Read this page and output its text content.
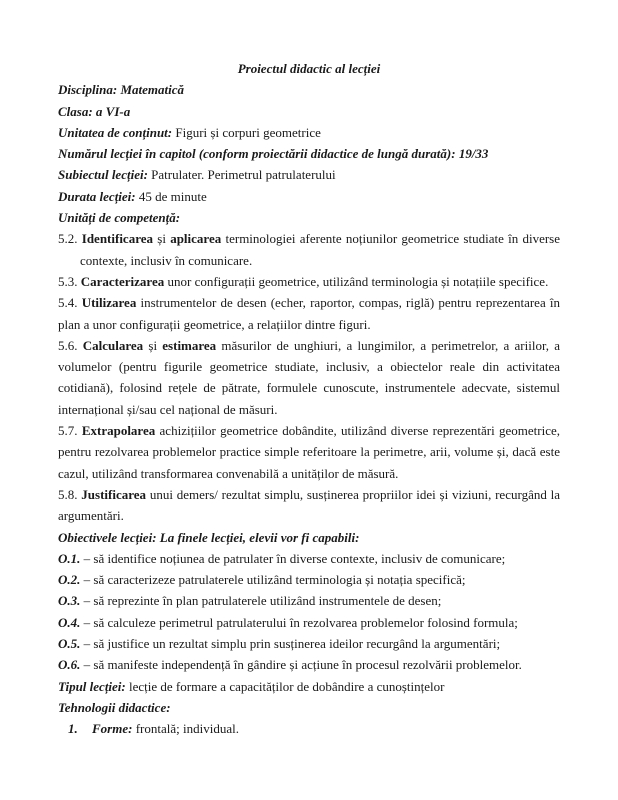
Proiectul didactic al lecției

Disciplina: Matematică

Clasa: a VI-a

Unitatea de conținut: Figuri și corpuri geometrice

Numărul lecției în capitol (conform proiectării didactice de lungă durată): 19/33

Subiectul lecției: Patrulater. Perimetrul patrulaterului

Durata lecției: 45 de minute

Unități de competență:

5.2. Identificarea și aplicarea terminologiei aferente noțiunilor geometrice studiate în diverse contexte, inclusiv în comunicare.

5.3. Caracterizarea unor configurații geometrice, utilizând terminologia și notațiile specifice.

5.4. Utilizarea instrumentelor de desen (echer, raportor, compas, riglă) pentru reprezentarea în plan a unor configurații geometrice, a relațiilor dintre figuri.

5.6. Calcularea și estimarea măsurilor de unghiuri, a lungimilor, a perimetrelor, a ariilor, a volumelor (pentru figurile geometrice studiate, inclusiv, a obiectelor reale din activitatea cotidiană), folosind rețele de pătrate, formulele cunoscute, instrumentele adecvate, sistemul internațional și/sau cel național de măsuri.

5.7. Extrapolarea achizițiilor geometrice dobândite, utilizând diverse reprezentări geometrice, pentru rezolvarea problemelor practice simple referitoare la perimetre, arii, volume și, dacă este cazul, utilizând transformarea convenabilă a unităților de măsură.

5.8. Justificarea unui demers/ rezultat simplu, susținerea propriilor idei și viziuni, recurgând la argumentări.

Obiectivele lecției: La finele lecției, elevii vor fi capabili:

O.1. – să identifice noțiunea de patrulater în diverse contexte, inclusiv de comunicare;

O.2. – să caracterizeze patrulaterele utilizând terminologia și notația specifică;

O.3. – să reprezinte în plan patrulaterele utilizând instrumentele de desen;

O.4. – să calculeze perimetrul patrulaterului în rezolvarea problemelor folosind formula;

O.5. – să justifice un rezultat simplu prin susținerea ideilor recurgând la argumentări;

O.6. – să manifeste independență în gândire și acțiune în procesul rezolvării problemelor.

Tipul lecției: lecție de formare a capacităților de dobândire a cunoștințelor

Tehnologii didactice:

1. Forme: frontală; individual.
